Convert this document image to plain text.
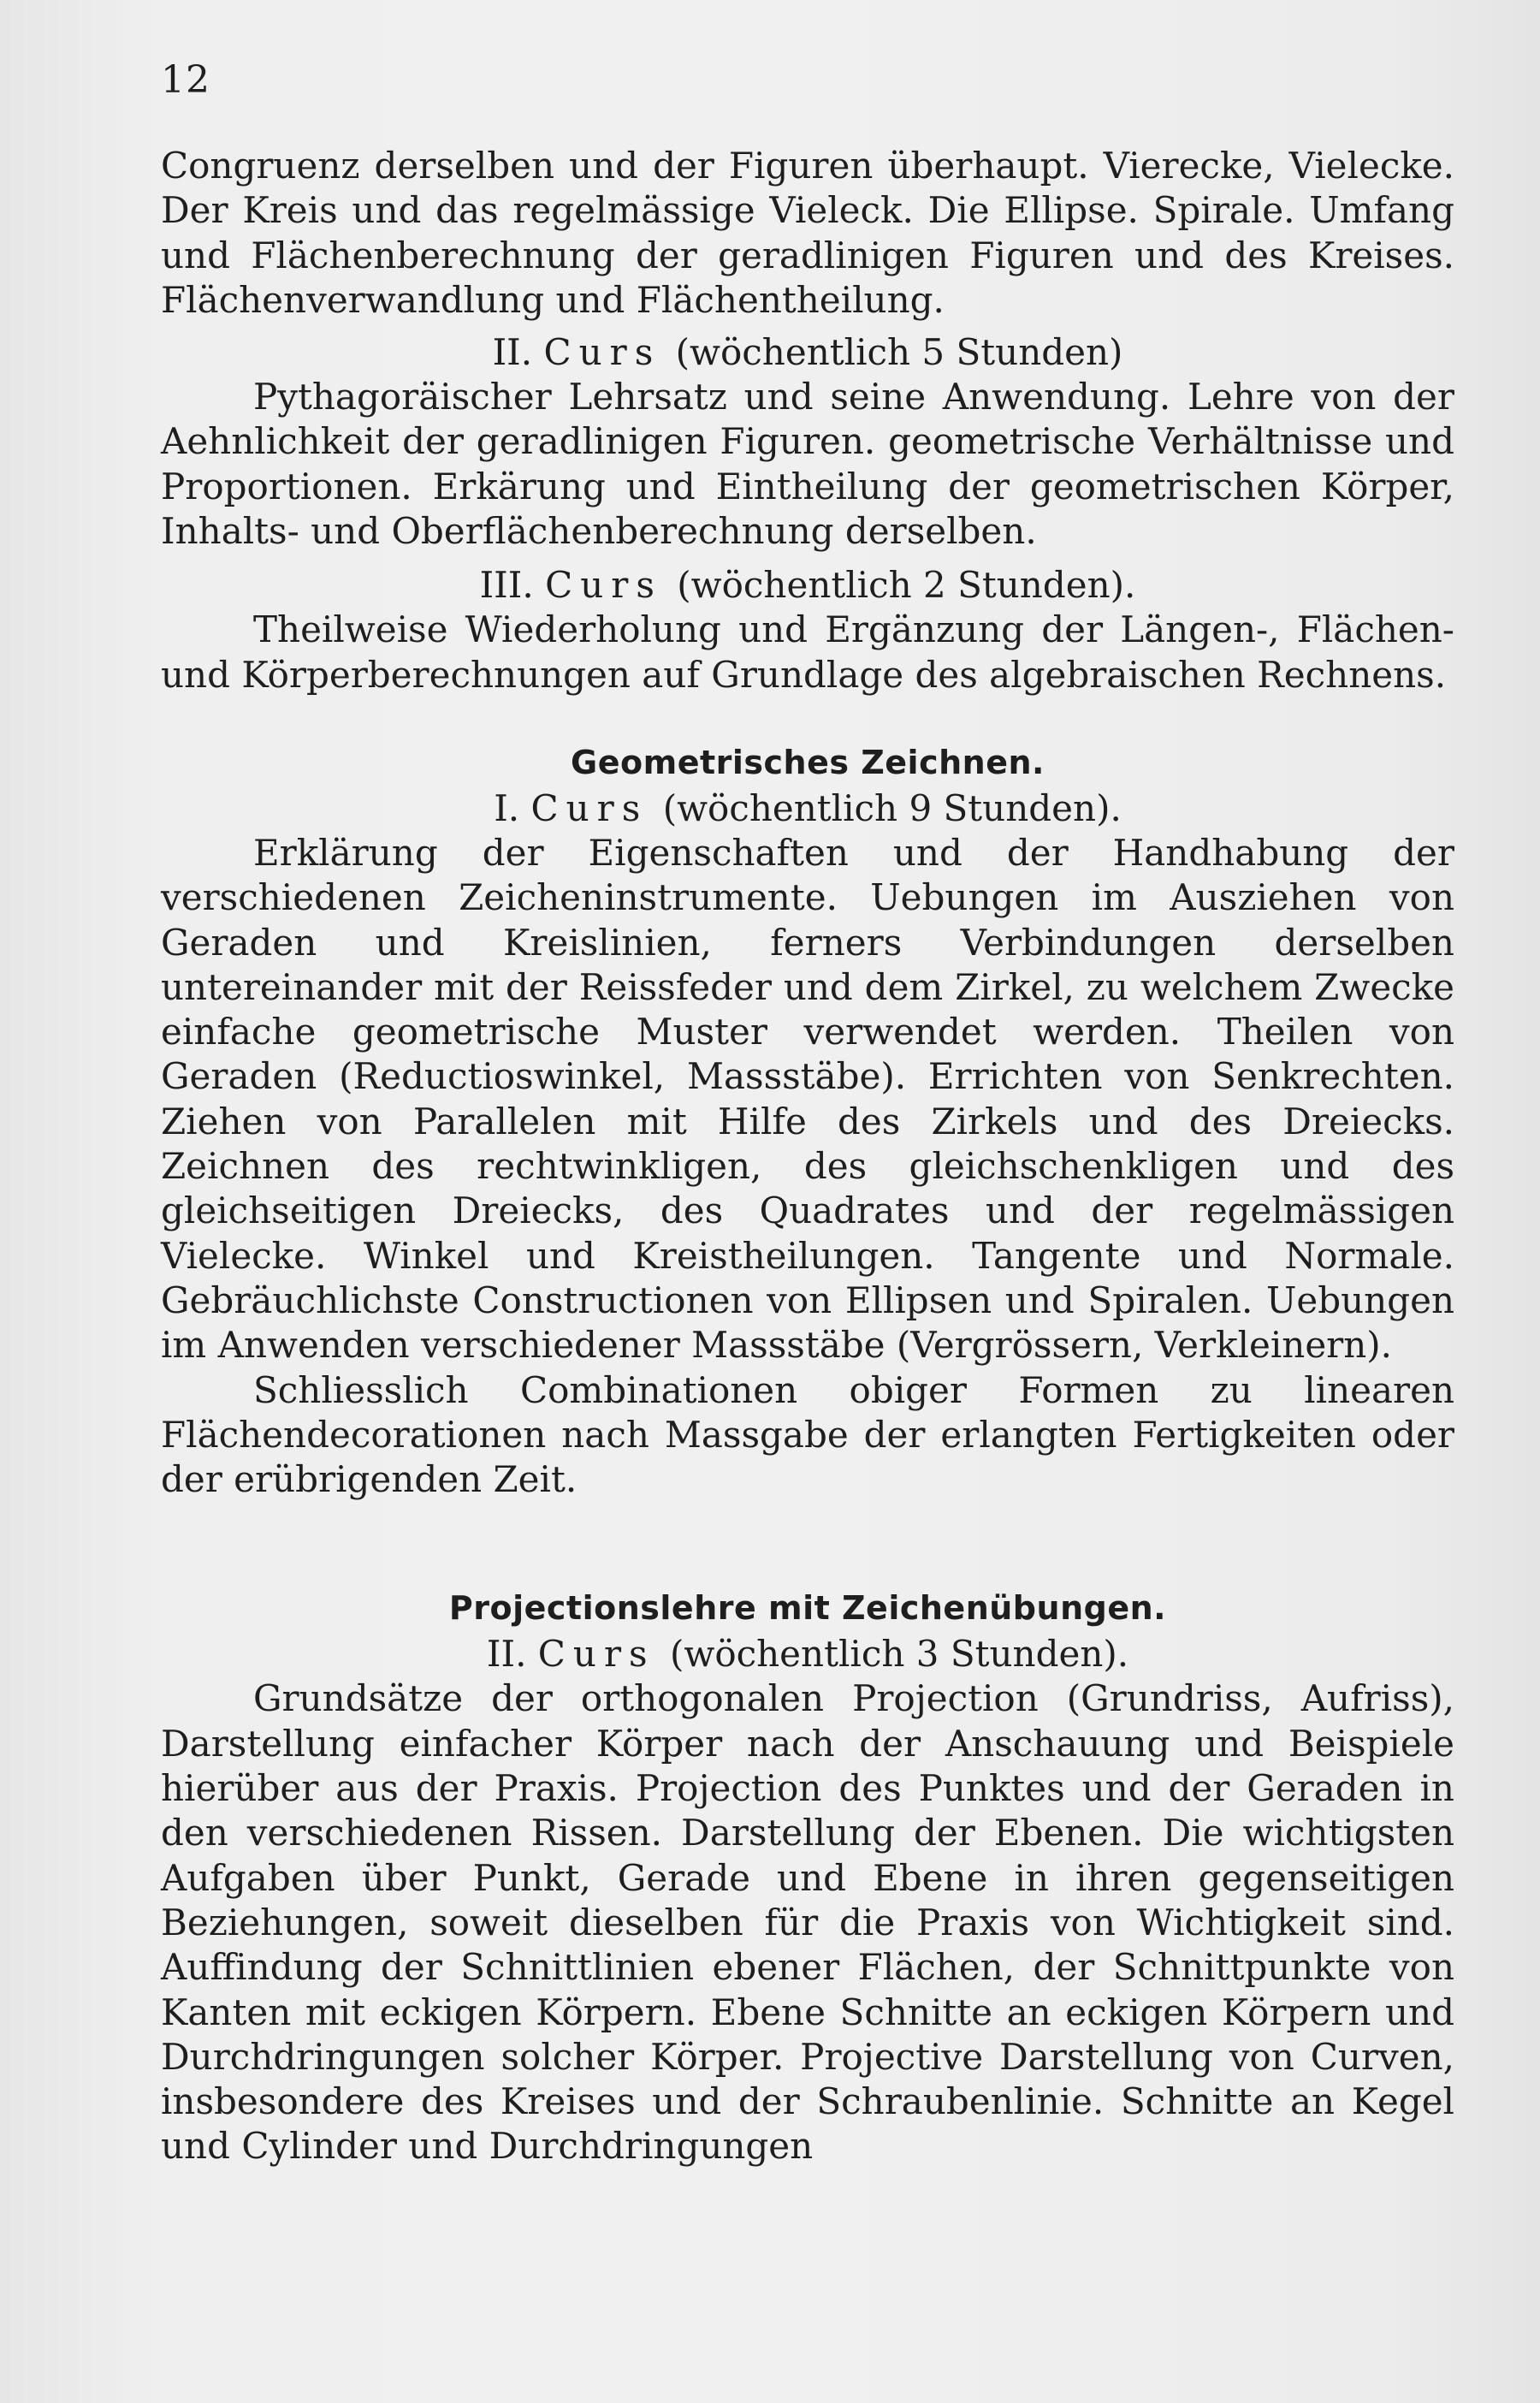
12

Congruenz derselben und der Figuren überhaupt. Vierecke, Vielecke. Der Kreis und das regelmässige Vieleck. Die Ellipse. Spirale. Umfang und Flächenberechnung der geradlinigen Figuren und des Kreises. Flächenverwandlung und Flächentheilung.

II. Curs (wöchentlich 5 Stunden)

Pythagoräischer Lehrsatz und seine Anwendung. Lehre von der Aehnlichkeit der geradlinigen Figuren. geometrische Verhältnisse und Proportionen. Erkärung und Eintheilung der geometrischen Körper, Inhalts- und Oberflächenberechnung derselben.

III. Curs (wöchentlich 2 Stunden).

Theilweise Wiederholung und Ergänzung der Längen-, Flächen- und Körperberechnungen auf Grundlage des algebraischen Rechnens.

Geometrisches Zeichnen.

I. Curs (wöchentlich 9 Stunden).

Erklärung der Eigenschaften und der Handhabung der verschiedenen Zeicheninstrumente. Uebungen im Ausziehen von Geraden und Kreislinien, ferners Verbindungen derselben untereinander mit der Reissfeder und dem Zirkel, zu welchem Zwecke einfache geometrische Muster verwendet werden. Theilen von Geraden (Reductioswinkel, Massstäbe). Errichten von Senkrechten. Ziehen von Parallelen mit Hilfe des Zirkels und des Dreiecks. Zeichnen des rechtwinkligen, des gleichschenkligen und des gleichseitigen Dreiecks, des Quadrates und der regelmässigen Vielecke. Winkel und Kreistheilungen. Tangente und Normale. Gebräuchlichste Constructionen von Ellipsen und Spiralen. Uebungen im Anwenden verschiedener Massstäbe (Vergrössern, Verkleinern).

Schliesslich Combinationen obiger Formen zu linearen Flächendecorationen nach Massgabe der erlangten Fertigkeiten oder der erübrigenden Zeit.

Projectionslehre mit Zeichenübungen.

II. Curs (wöchentlich 3 Stunden).

Grundsätze der orthogonalen Projection (Grundriss, Aufriss), Darstellung einfacher Körper nach der Anschauung und Beispiele hierüber aus der Praxis. Projection des Punktes und der Geraden in den verschiedenen Rissen. Darstellung der Ebenen. Die wichtigsten Aufgaben über Punkt, Gerade und Ebene in ihren gegenseitigen Beziehungen, soweit dieselben für die Praxis von Wichtigkeit sind. Auffindung der Schnittlinien ebener Flächen, der Schnittpunkte von Kanten mit eckigen Körpern. Ebene Schnitte an eckigen Körpern und Durchdringungen solcher Körper. Projective Darstellung von Curven, insbesondere des Kreises und der Schraubenlinie. Schnitte an Kegel und Cylinder und Durchdringungen
